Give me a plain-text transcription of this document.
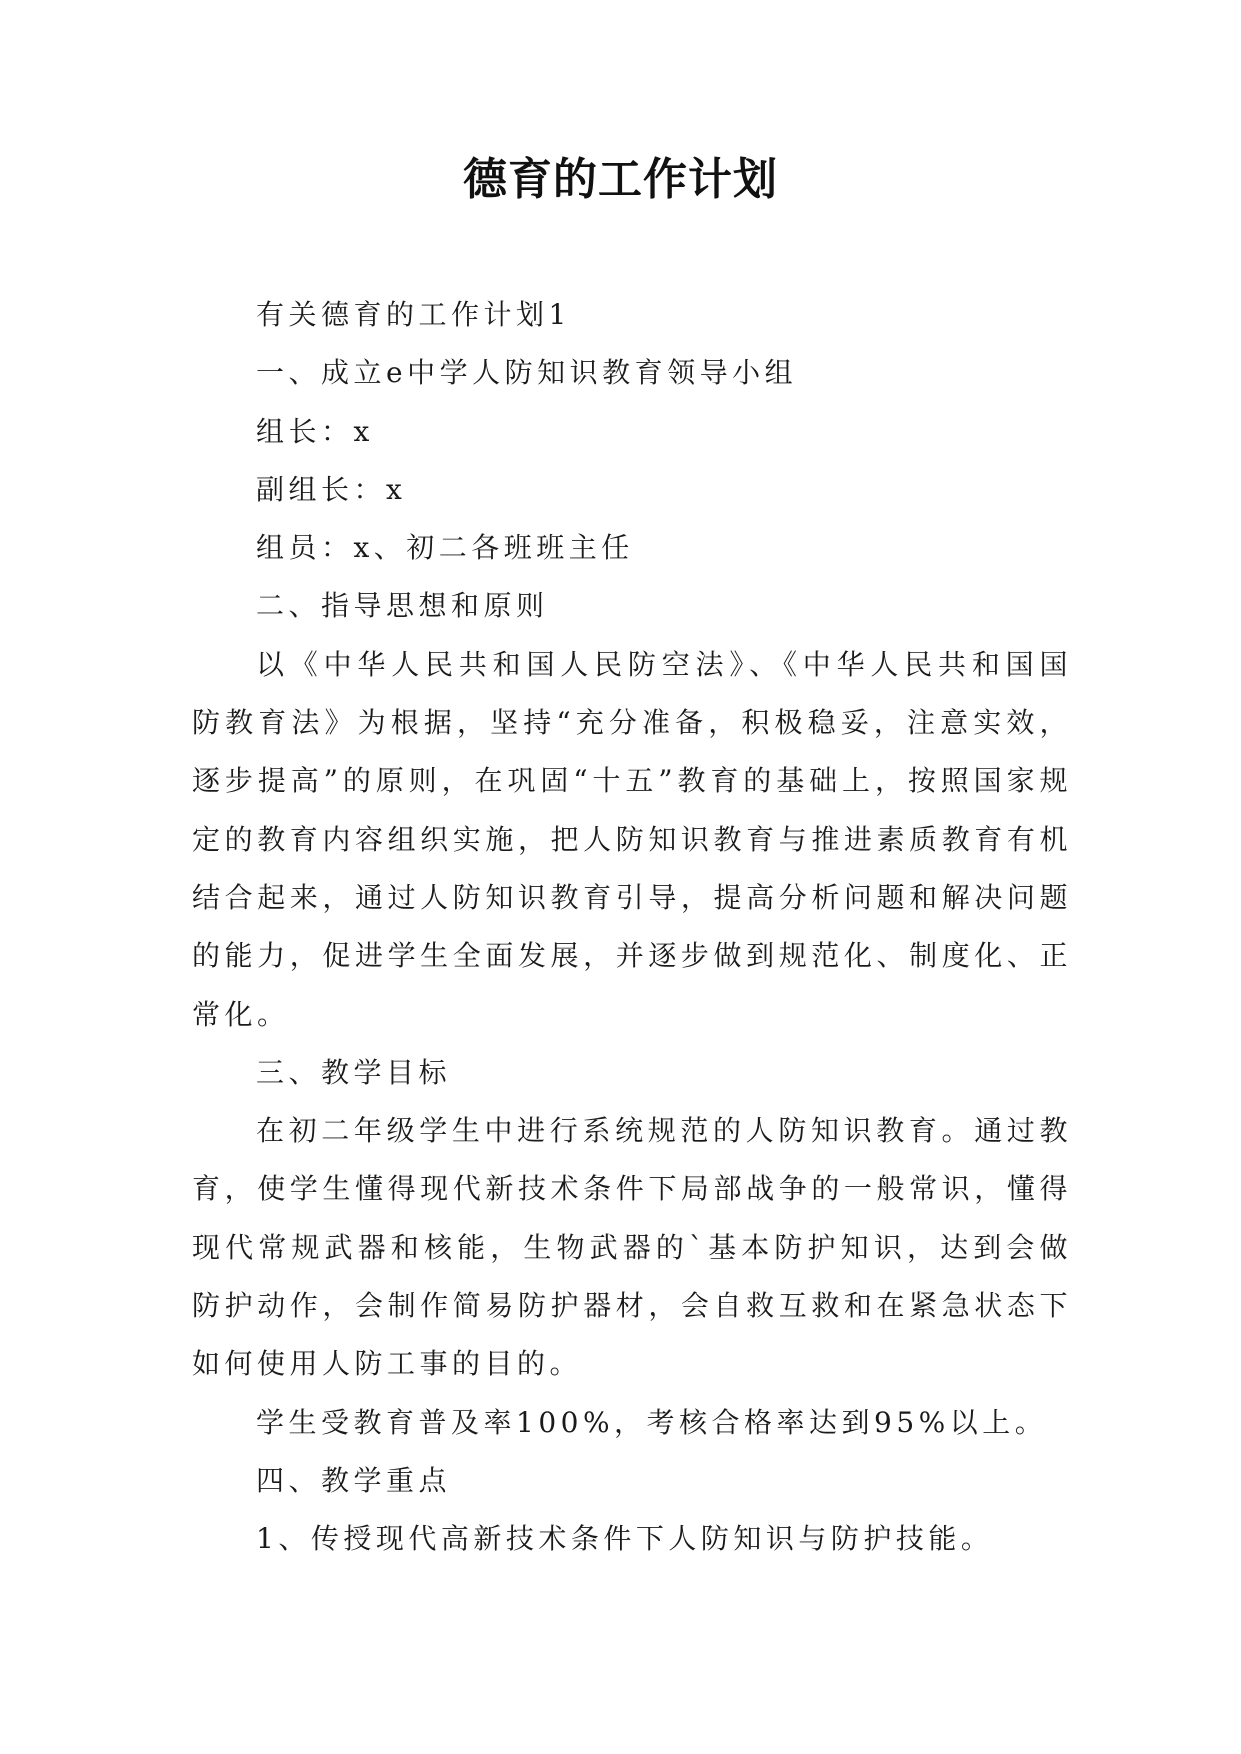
德育的工作计划

有关德育的工作计划1

一、成立e中学人防知识教育领导小组

组长：x

副组长：x

组员：x、初二各班班主任

二、指导思想和原则

以《中华人民共和国人民防空法》、《中华人民共和国国防教育法》为根据，坚持“充分准备，积极稳妥，注意实效，逐步提高”的原则，在巩固“十五”教育的基础上，按照国家规定的教育内容组织实施，把人防知识教育与推进素质教育有机结合起来，通过人防知识教育引导，提高分析问题和解决问题的能力，促进学生全面发展，并逐步做到规范化、制度化、正常化。

三、教学目标

在初二年级学生中进行系统规范的人防知识教育。通过教育，使学生懂得现代新技术条件下局部战争的一般常识，懂得现代常规武器和核能，生物武器的`基本防护知识，达到会做防护动作，会制作简易防护器材，会自救互救和在紧急状态下如何使用人防工事的目的。

学生受教育普及率100%，考核合格率达到95%以上。

四、教学重点

1、传授现代高新技术条件下人防知识与防护技能。
